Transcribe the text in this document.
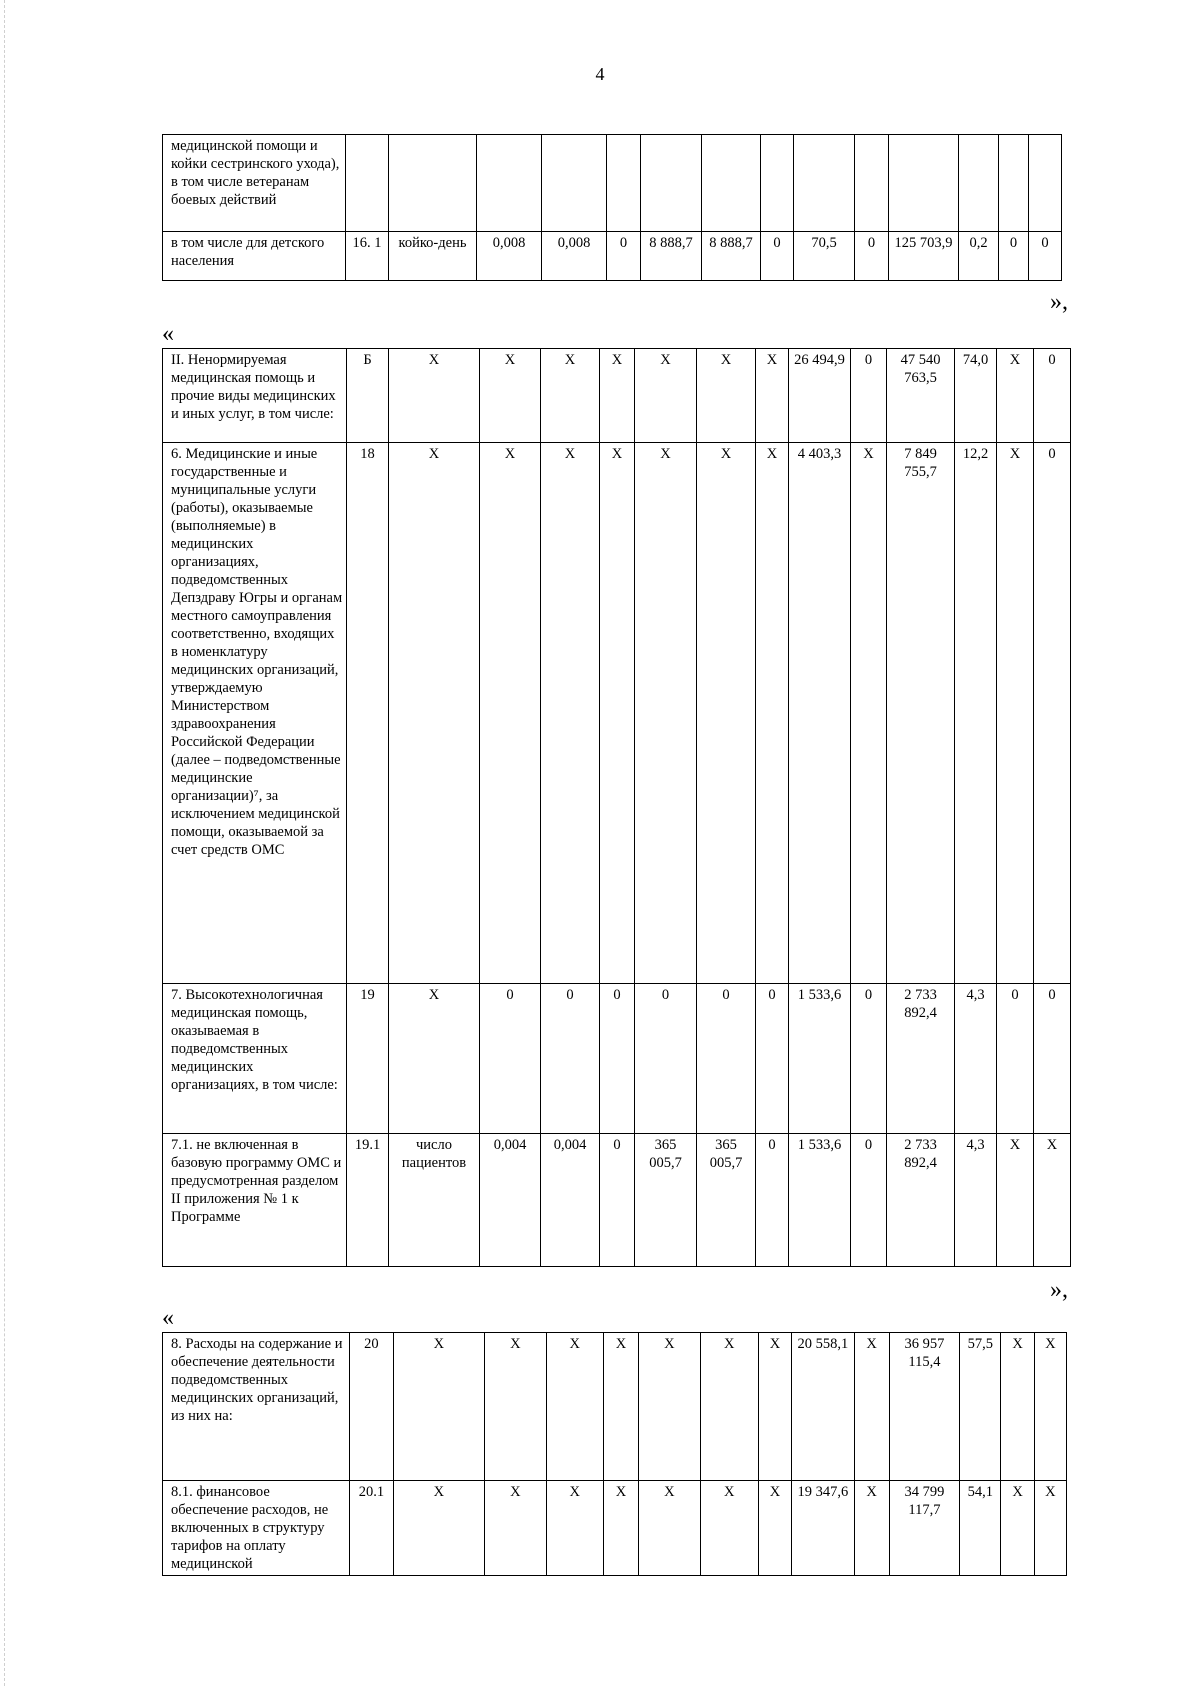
4
медицинской помощи и койки сестринского ухода), в том числе ветеранам боевых действий														
в том числе для детского населения	16. 1	койко-день	0,008	0,008	0	8 888,7	8 888,7	0	70,5	0	125 703,9	0,2	0	0
»,
«
II. Ненормируемая медицинская помощь и прочие виды медицинских и иных услуг, в том числе:	Б	X	X	X	X	X	X	X	26 494,9	0	47 540 763,5	74,0	X	0
6. Медицинские и иные государственные и муниципальные услуги (работы), оказываемые (выполняемые) в медицинских организациях, подведомственных Депздраву Югры и органам местного самоуправления соответственно, входящих в номенклатуру медицинских организаций, утверждаемую Министерством здравоохранения Российской Федерации (далее – подведомственные медицинские организации)⁷, за исключением медицинской помощи, оказываемой за счет средств ОМС	18	X	X	X	X	X	X	X	4 403,3	X	7 849 755,7	12,2	X	0
7. Высокотехнологичная медицинская помощь, оказываемая в подведомственных медицинских организациях, в том числе:	19	X	0	0	0	0	0	0	1 533,6	0	2 733 892,4	4,3	0	0
7.1. не включенная в базовую программу ОМС и предусмотренная разделом II приложения № 1 к Программе	19.1	число пациентов	0,004	0,004	0	365 005,7	365 005,7	0	1 533,6	0	2 733 892,4	4,3	X	X
»,
«
8. Расходы на содержание и обеспечение деятельности подведомственных медицинских организаций, из них на:	20	X	X	X	X	X	X	X	20 558,1	X	36 957 115,4	57,5	X	X
8.1. финансовое обеспечение расходов, не включенных в структуру тарифов на оплату медицинской	20.1	X	X	X	X	X	X	X	19 347,6	X	34 799 117,7	54,1	X	X
